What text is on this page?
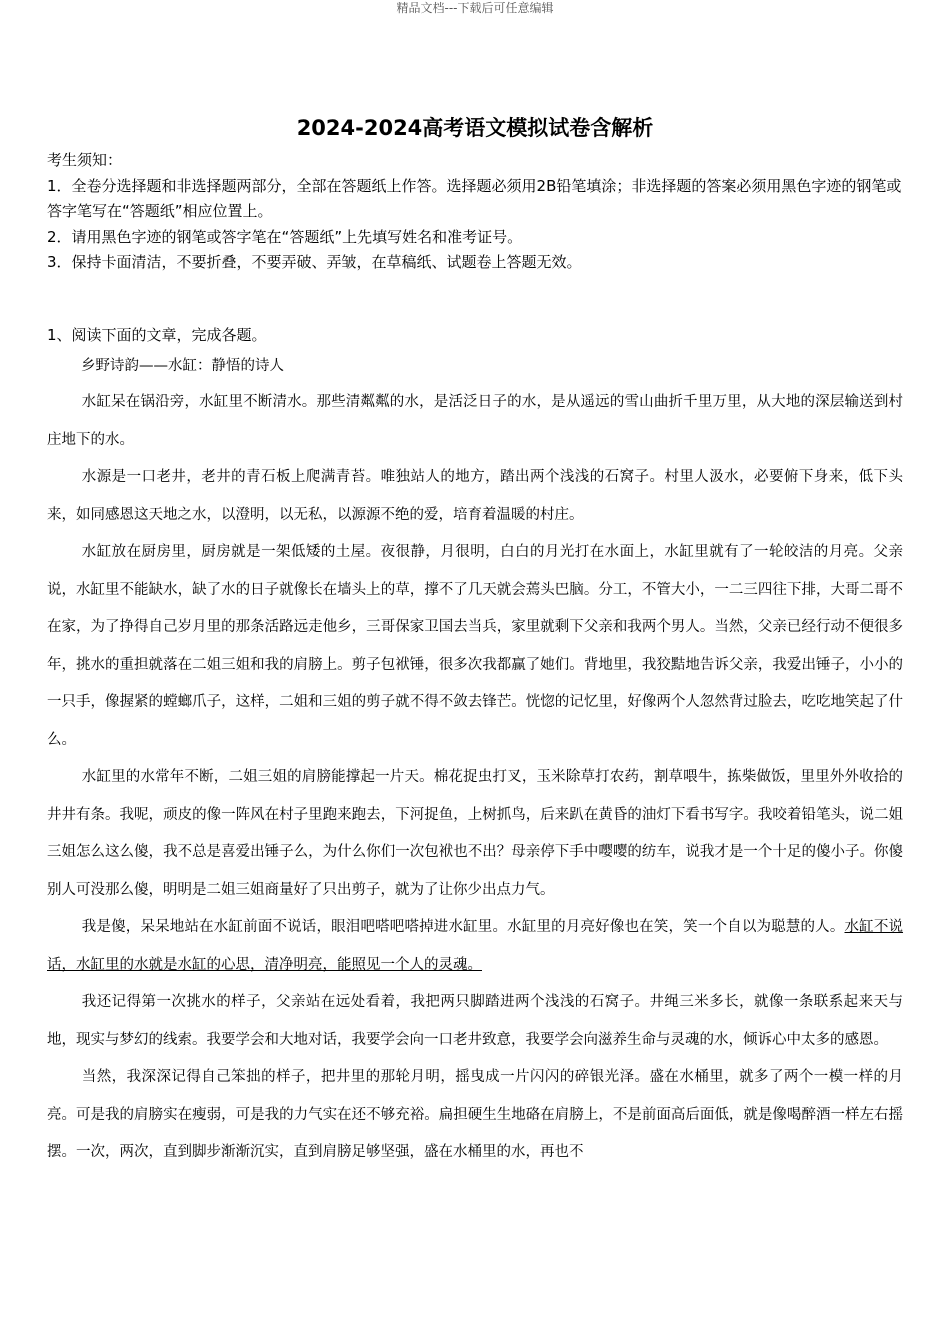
精品文档---下载后可任意编辑
2024-2024高考语文模拟试卷含解析

考生须知：

1．全卷分选择题和非选择题两部分，全部在答题纸上作答。选择题必须用2B铅笔填涂；非选择题的答案必须用黑色字迹的钢笔或答字笔写在“答题纸”相应位置上。

2．请用黑色字迹的钢笔或答字笔在“答题纸”上先填写姓名和准考证号。

3．保持卡面清洁，不要折叠，不要弄破、弄皱，在草稿纸、试题卷上答题无效。

1、阅读下面的文章，完成各题。
乡野诗韵——水缸：静悟的诗人

水缸呆在锅沿旁，水缸里不断清水。那些清粼粼的水，是活泛日子的水，是从遥远的雪山曲折千里万里，从大地的深层输送到村庄地下的水。

水源是一口老井，老井的青石板上爬满青苔。唯独站人的地方，踏出两个浅浅的石窝子。村里人汲水，必要俯下身来，低下头来，如同感恩这天地之水，以澄明，以无私，以源源不绝的爱，培育着温暖的村庄。

水缸放在厨房里，厨房就是一架低矮的土屋。夜很静，月很明，白白的月光打在水面上，水缸里就有了一轮皎洁的月亮。父亲说，水缸里不能缺水，缺了水的日子就像长在墙头上的草，撑不了几天就会蔫头巴脑。分工，不管大小，一二三四往下排，大哥二哥不在家，为了挣得自己岁月里的那条活路远走他乡，三哥保家卫国去当兵，家里就剩下父亲和我两个男人。当然，父亲已经行动不便很多年，挑水的重担就落在二姐三姐和我的肩膀上。剪子包袱锤，很多次我都赢了她们。背地里，我狡黠地告诉父亲，我爱出锤子，小小的一只手，像握紧的螳螂爪子，这样，二姐和三姐的剪子就不得不敛去锋芒。恍惚的记忆里，好像两个人忽然背过脸去，吃吃地笑起了什么。

水缸里的水常年不断，二姐三姐的肩膀能撑起一片天。棉花捉虫打叉，玉米除草打农药，割草喂牛，拣柴做饭，里里外外收拾的井井有条。我呢，顽皮的像一阵风在村子里跑来跑去，下河捉鱼，上树抓鸟，后来趴在黄昏的油灯下看书写字。我咬着铅笔头，说二姐三姐怎么这么傻，我不总是喜爱出锤子么，为什么你们一次包袱也不出？母亲停下手中嘤嘤的纺车，说我才是一个十足的傻小子。你傻别人可没那么傻，明明是二姐三姐商量好了只出剪子，就为了让你少出点力气。

我是傻，呆呆地站在水缸前面不说话，眼泪吧嗒吧嗒掉进水缸里。水缸里的月亮好像也在笑，笑一个自以为聪慧的人。水缸不说话，水缸里的水就是水缸的心思，清净明亮，能照见一个人的灵魂。

我还记得第一次挑水的样子，父亲站在远处看着，我把两只脚踏进两个浅浅的石窝子。井绳三米多长，就像一条联系起来天与地，现实与梦幻的线索。我要学会和大地对话，我要学会向一口老井致意，我要学会向滋养生命与灵魂的水，倾诉心中太多的感恩。

当然，我深深记得自己笨拙的样子，把井里的那轮月明，摇曳成一片闪闪的碎银光泽。盛在水桶里，就多了两个一模一样的月亮。可是我的肩膀实在瘦弱，可是我的力气实在还不够充裕。扁担硬生生地硌在肩膀上，不是前面高后面低，就是像喝醉酒一样左右摇摆。一次，两次，直到脚步渐渐沉实，直到肩膀足够坚强，盛在水桶里的水，再也不
